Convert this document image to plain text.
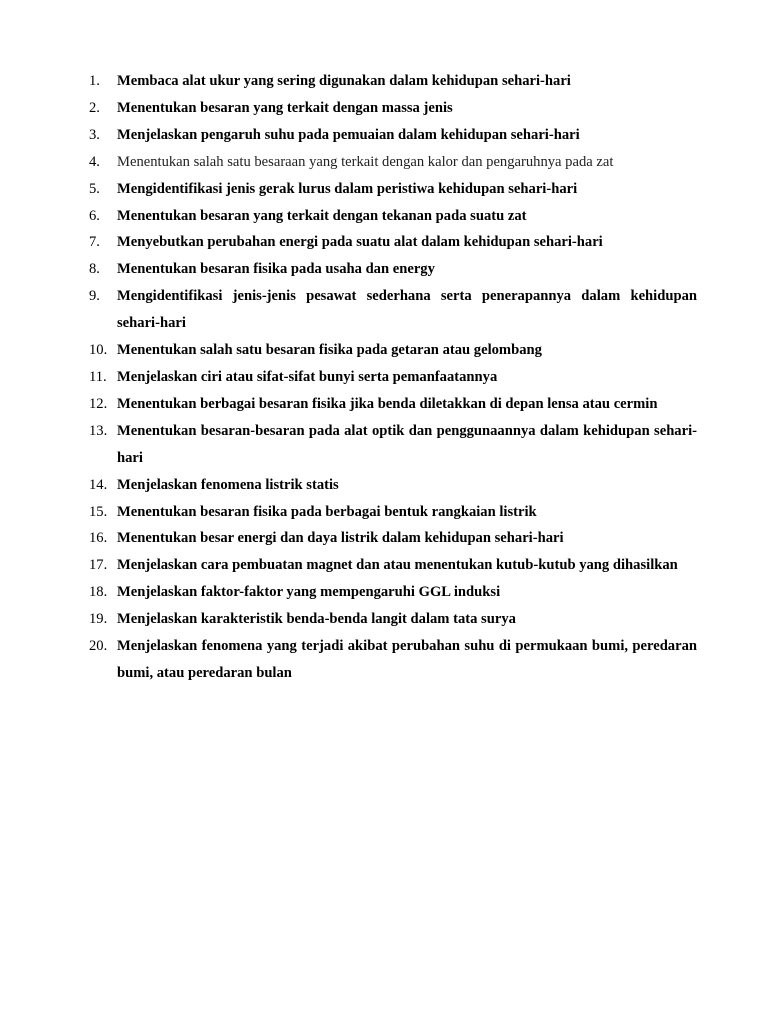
1.	Membaca alat ukur yang sering digunakan dalam kehidupan sehari-hari
2.	Menentukan besaran yang terkait dengan massa jenis
3.	Menjelaskan pengaruh suhu pada pemuaian dalam kehidupan sehari-hari
4.	Menentukan salah satu besaraan yang terkait dengan kalor dan pengaruhnya pada zat
5.	Mengidentifikasi jenis gerak lurus dalam peristiwa kehidupan sehari-hari
6.	Menentukan besaran yang terkait dengan tekanan pada suatu zat
7.	Menyebutkan perubahan energi pada suatu alat dalam kehidupan sehari-hari
8.	Menentukan besaran fisika pada usaha dan energy
9.	Mengidentifikasi jenis-jenis pesawat sederhana serta penerapannya dalam kehidupan sehari-hari
10. Menentukan salah satu besaran fisika pada getaran atau gelombang
11. Menjelaskan ciri atau sifat-sifat bunyi serta pemanfaatannya
12. Menentukan berbagai besaran fisika jika benda diletakkan di depan lensa atau cermin
13. Menentukan besaran-besaran pada alat optik dan penggunaannya dalam kehidupan sehari-hari
14. Menjelaskan fenomena listrik statis
15. Menentukan besaran fisika pada berbagai bentuk rangkaian listrik
16. Menentukan besar energi dan daya listrik dalam kehidupan sehari-hari
17. Menjelaskan cara pembuatan magnet dan atau menentukan kutub-kutub yang dihasilkan
18. Menjelaskan faktor-faktor yang mempengaruhi GGL induksi
19. Menjelaskan karakteristik benda-benda langit dalam tata surya
20. Menjelaskan fenomena yang terjadi akibat perubahan suhu di permukaan bumi, peredaran bumi, atau peredaran bulan
